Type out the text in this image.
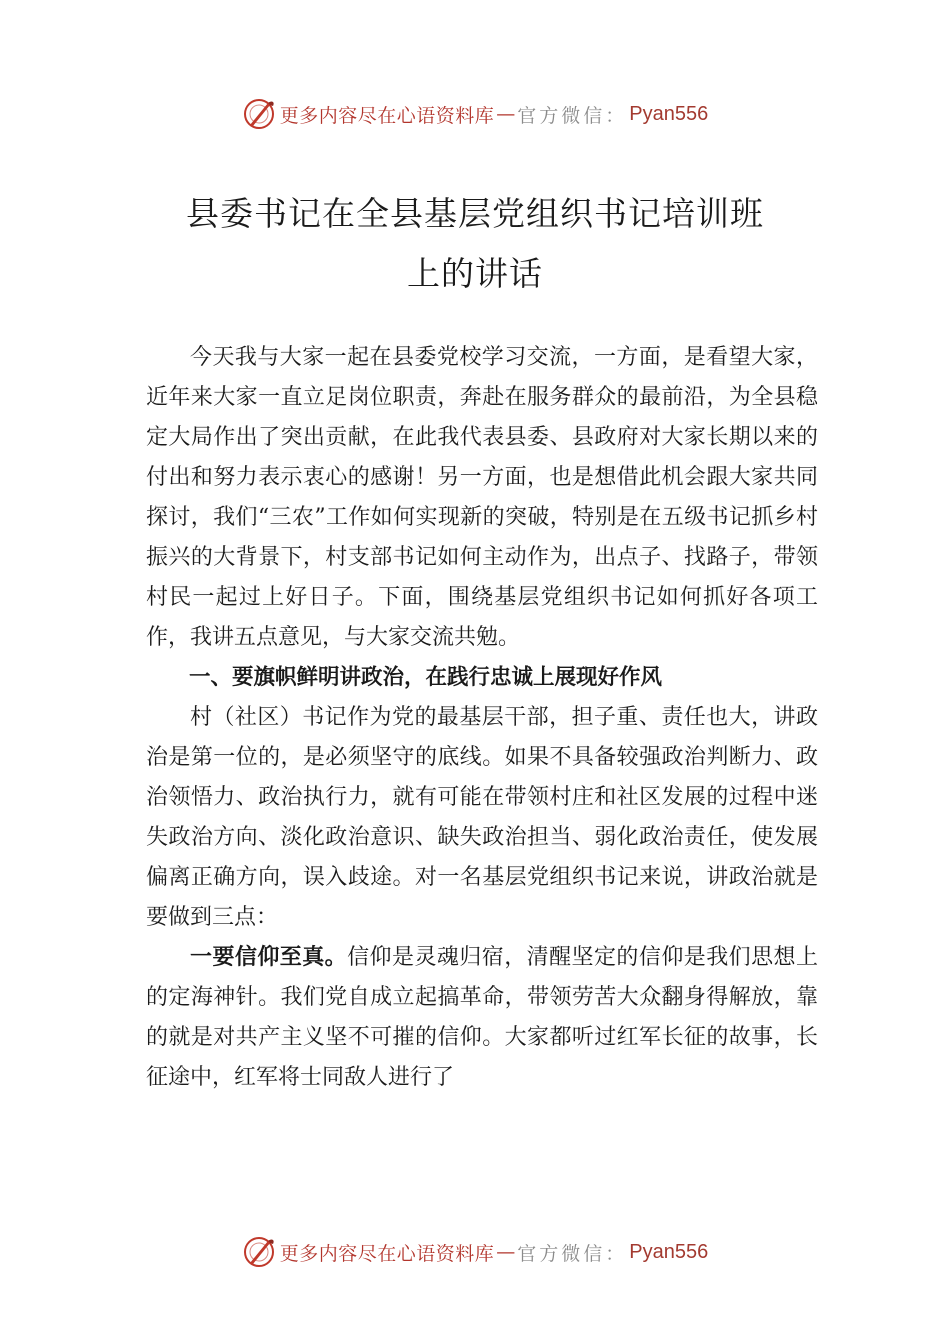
更多内容尽在心语资料库 — 官方微信： Pyan556
县委书记在全县基层党组织书记培训班
上的讲话

今天我与大家一起在县委党校学习交流，一方面，是看望大家，近年来大家一直立足岗位职责，奔赴在服务群众的最前沿，为全县稳定大局作出了突出贡献，在此我代表县委、县政府对大家长期以来的付出和努力表示衷心的感谢！另一方面，也是想借此机会跟大家共同探讨，我们“三农”工作如何实现新的突破，特别是在五级书记抓乡村振兴的大背景下，村支部书记如何主动作为，出点子、找路子，带领村民一起过上好日子。下面，围绕基层党组织书记如何抓好各项工作，我讲五点意见，与大家交流共勉。

一、要旗帜鲜明讲政治，在践行忠诚上展现好作风

村（社区）书记作为党的最基层干部，担子重、责任也大，讲政治是第一位的，是必须坚守的底线。如果不具备较强政治判断力、政治领悟力、政治执行力，就有可能在带领村庄和社区发展的过程中迷失政治方向、淡化政治意识、缺失政治担当、弱化政治责任，使发展偏离正确方向，误入歧途。对一名基层党组织书记来说，讲政治就是要做到三点：

一要信仰至真。信仰是灵魂归宿，清醒坚定的信仰是我们思想上的定海神针。我们党自成立起搞革命，带领劳苦大众翻身得解放，靠的就是对共产主义坚不可摧的信仰。大家都听过红军长征的故事，长征途中，红军将士同敌人进行了

更多内容尽在心语资料库 — 官方微信： Pyan556
